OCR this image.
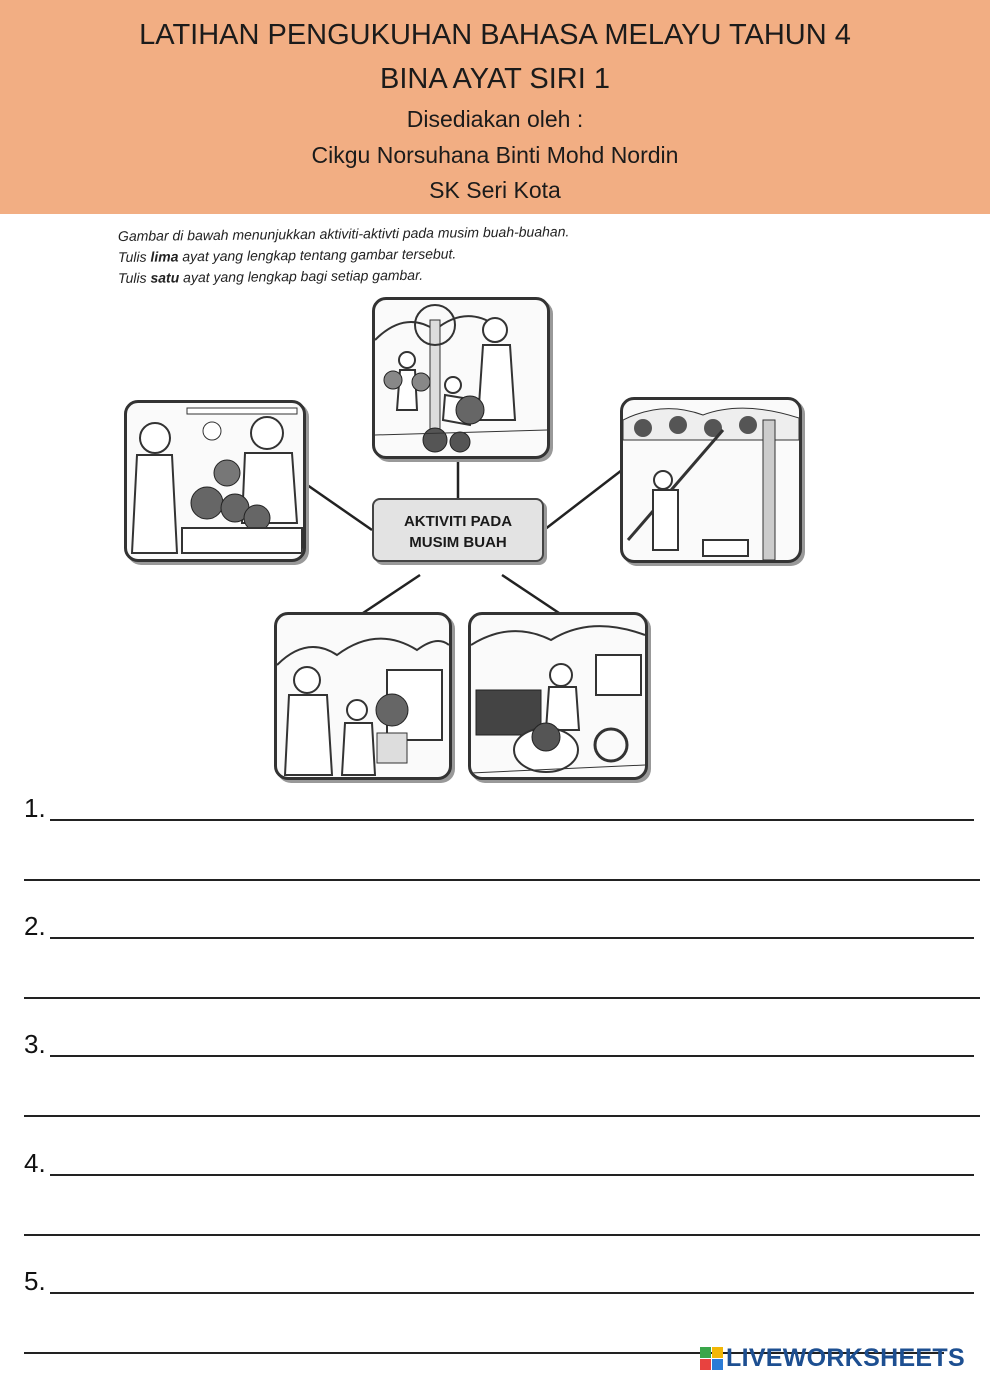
LATIHAN PENGUKUHAN BAHASA MELAYU TAHUN 4
BINA AYAT SIRI 1
Disediakan oleh :
Cikgu Norsuhana Binti Mohd Nordin
SK Seri Kota
Gambar di bawah menunjukkan aktiviti-aktivti pada musim buah-buahan.
Tulis lima ayat yang lengkap tentang gambar tersebut.
Tulis satu ayat yang lengkap bagi setiap gambar.
AKTIVITI PADA
MUSIM BUAH
1.
2.
3.
4.
5.
LIVEWORKSHEETS
